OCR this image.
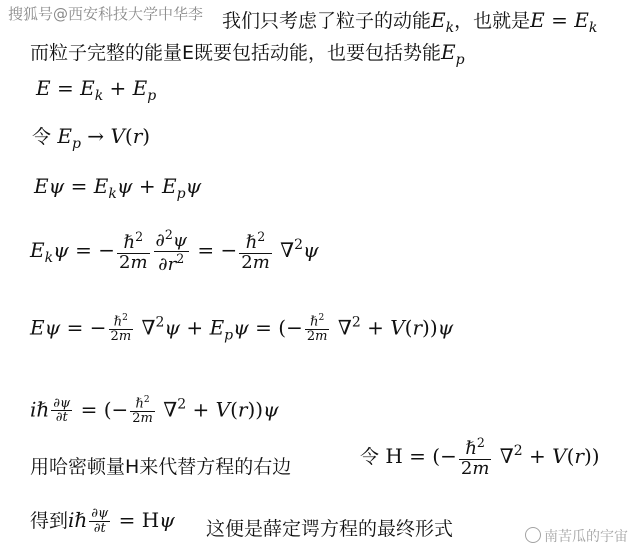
搜狐号@西安科技大学中华李 我们只考虑了粒子的动能$E_k$，也就是$E = E_k$
而粒子完整的能量E既要包括动能，也要包括势能$E_p$
$E = E_k + E_p$
令 $E_p \to V(r)$
$E\psi = E_k\psi + E_p\psi$
$E_k\psi$ = − $\frac{\hbar^2}{2m} \frac{\partial^2\psi}{\partial r^2}$ = − $\frac{\hbar^2}{2m} \nabla^2\psi$
Eψ = − $\frac{\hbar^2}{2m} \nabla^2\psi + E_p\psi$ = (− $\frac{\hbar^2}{2m} \nabla^2 + V(r))\psi$
iℏ $\frac{\partial\psi}{\partial t}$ = (− $\frac{\hbar^2}{2m} \nabla^2 + V(r))\psi$
用哈密顿量H来代替方程的右边	令 H = (− $\frac{\hbar^2}{2m} \nabla^2 + V(r)$)
得到iℏ $\frac{\partial\psi}{\partial t} = H\psi$ 这便是薛定谔方程的最终形式	南苦瓜的宇宙
